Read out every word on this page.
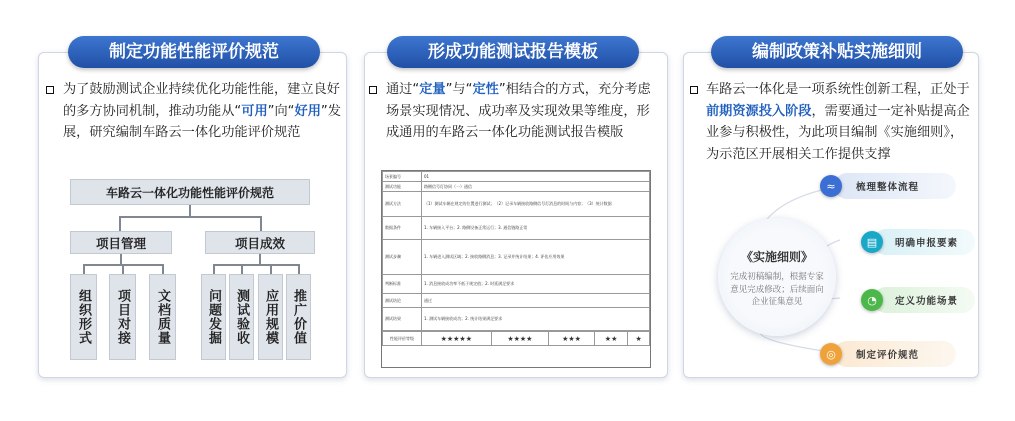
制定功能性能评价规范
为了鼓励测试企业持续优化功能性能，建立良好的多方协同机制，推动功能从“可用”向“好用”发展，研究编制车路云一体化功能评价规范
车路云一体化功能性能评价规范
项目管理	项目成效
组织形式	项目对接	文档质量	问题发掘	测试验收	应用规模	推广价值
形成功能测试报告模板
通过“定量”与“定性”相结合的方式，充分考虑场景实现情况、成功率及实现效果等维度，形成通用的车路云一体化功能测试报告模版
场景编号	01
测试功能	路侧信号灯协同（一）通信
测试方法	（1）测试车辆在规定的位置进行测试；（2）记录车辆接收路侧信号灯消息的时间与内容；（3）统计数据
数据条件	1. 车辆接入平台；2. 路侧设备正常运行；3. 通信链路正常
测试步骤	1. 车辆进入测试区域；2. 接收路侧消息；3. 记录并统计结果；4. 评估应用效果
判断标准	1. 消息接收成功率不低于规定值；2. 时延满足要求
测试结论	通过
测试结果	1. 测试车辆接收成功；2. 统计结果满足要求
性能评价等级	★★★★★	★★★★	★★★	★★	★
编制政策补贴实施细则
车路云一体化是一项系统性创新工程，正处于前期资源投入阶段，需要通过一定补贴提高企业参与积极性，为此项目编制《实施细则》，为示范区开展相关工作提供支撑
《实施细则》
完成初稿编制，根据专家意见完成修改；后续面向企业征集意见
梳理整体流程
≈
明确申报要素
▤
定义功能场景
◔
制定评价规范
◎
